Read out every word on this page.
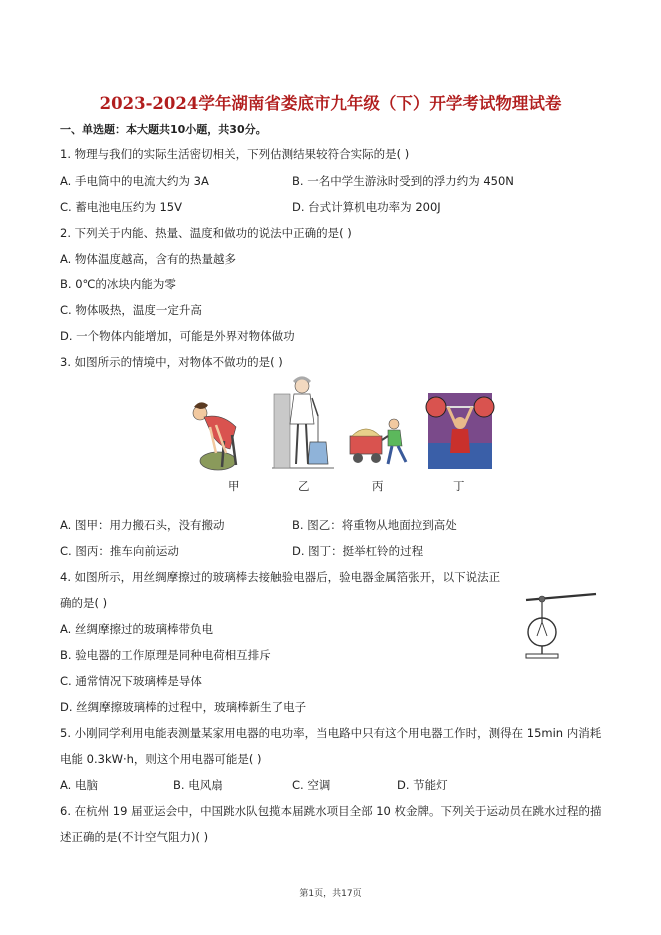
2023-2024学年湖南省娄底市九年级（下）开学考试物理试卷
一、单选题：本大题共10小题，共30分。
1. 物理与我们的实际生活密切相关，下列估测结果较符合实际的是( )
A. 手电筒中的电流大约为 3A	B. 一名中学生游泳时受到的浮力约为 450N
C. 蓄电池电压约为 15V	D. 台式计算机电功率为 200J
2. 下列关于内能、热量、温度和做功的说法中正确的是( )
A. 物体温度越高，含有的热量越多
B. 0℃的冰块内能为零
C. 物体吸热，温度一定升高
D. 一个物体内能增加，可能是外界对物体做功
3. 如图所示的情境中，对物体不做功的是( )
甲	乙	丙	丁
A. 图甲：用力搬石头，没有搬动	B. 图乙：将重物从地面拉到高处
C. 图丙：推车向前运动	D. 图丁：挺举杠铃的过程
4. 如图所示，用丝绸摩擦过的玻璃棒去接触验电器后，验电器金属箔张开，以下说法正
确的是( )
A. 丝绸摩擦过的玻璃棒带负电
B. 验电器的工作原理是同种电荷相互排斥
C. 通常情况下玻璃棒是导体
D. 丝绸摩擦玻璃棒的过程中，玻璃棒新生了电子
5. 小刚同学利用电能表测量某家用电器的电功率，当电路中只有这个用电器工作时，测得在 15min 内消耗
电能 0.3kW·h，则这个用电器可能是( )
A. 电脑	B. 电风扇	C. 空调	D. 节能灯
6. 在杭州 19 届亚运会中，中国跳水队包揽本届跳水项目全部 10 枚金牌。下列关于运动员在跳水过程的描
述正确的是(不计空气阻力)( )
第1页，共17页
